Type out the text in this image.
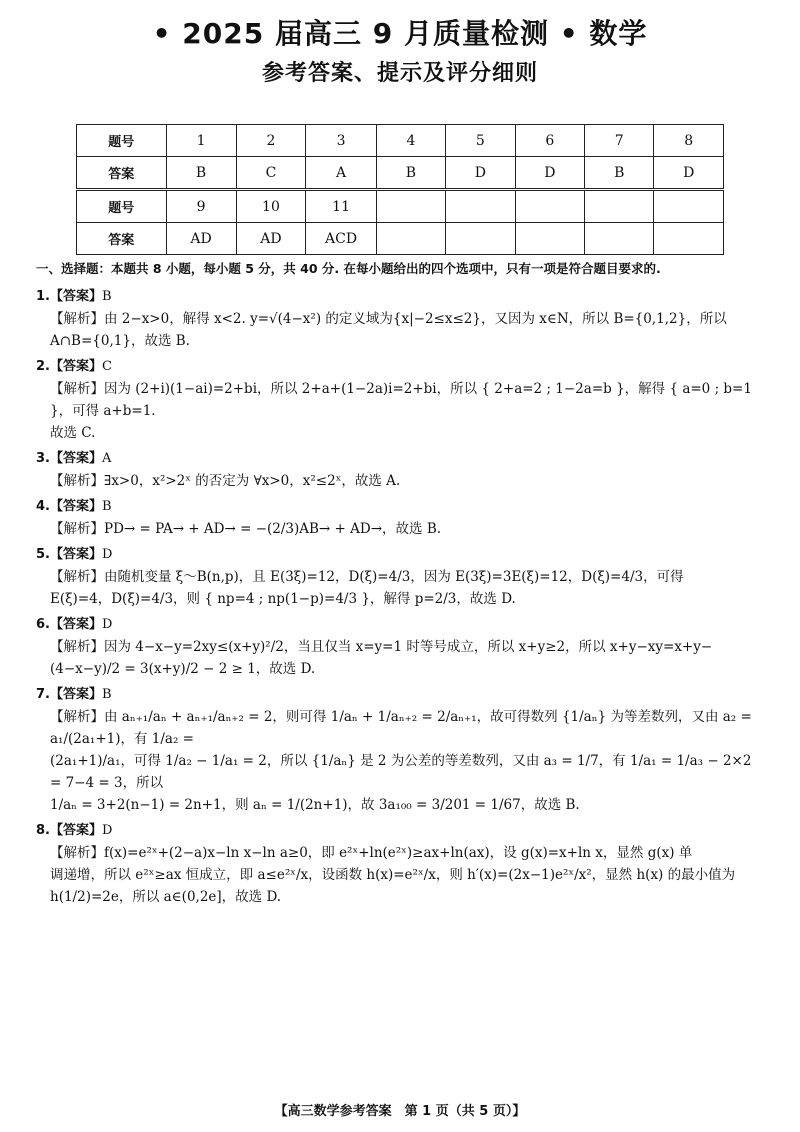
• 2025 届高三 9 月质量检测 • 数学
参考答案、提示及评分细则
题号	1	2	3	4	5	6	7	8
答案	B	C	A	B	D	D	B	D
题号	9	10	11					
答案	AD	AD	ACD					
一、选择题：本题共 8 小题，每小题 5 分，共 40 分. 在每小题给出的四个选项中，只有一项是符合题目要求的.
1.【答案】B
【解析】由 2−x>0，解得 x<2. y=√(4−x²) 的定义域为{x|−2≤x≤2}，又因为 x∈N，所以 B={0,1,2}，所以
A∩B={0,1}，故选 B.
2.【答案】C
【解析】因为 (2+i)(1−ai)=2+bi，所以 2+a+(1−2a)i=2+bi，所以 { 2+a=2 ; 1−2a=b }，解得 { a=0 ; b=1 }，可得 a+b=1.
故选 C.
3.【答案】A
【解析】∃x>0，x²>2ˣ 的否定为 ∀x>0，x²≤2ˣ，故选 A.
4.【答案】B
【解析】PD→ = PA→ + AD→ = −(2/3)AB→ + AD→，故选 B.
5.【答案】D
【解析】由随机变量 ξ～B(n,p)，且 E(3ξ)=12，D(ξ)=4/3，因为 E(3ξ)=3E(ξ)=12，D(ξ)=4/3，可得
E(ξ)=4，D(ξ)=4/3，则 { np=4 ; np(1−p)=4/3 }，解得 p=2/3，故选 D.
6.【答案】D
【解析】因为 4−x−y=2xy≤(x+y)²/2，当且仅当 x=y=1 时等号成立，所以 x+y≥2，所以 x+y−xy=x+y−
(4−x−y)/2 = 3(x+y)/2 − 2 ≥ 1，故选 D.
7.【答案】B
【解析】由 aₙ₊₁/aₙ + aₙ₊₁/aₙ₊₂ = 2，则可得 1/aₙ + 1/aₙ₊₂ = 2/aₙ₊₁，故可得数列 {1/aₙ} 为等差数列，又由 a₂ = a₁/(2a₁+1)，有 1/a₂ =
(2a₁+1)/a₁，可得 1/a₂ − 1/a₁ = 2，所以 {1/aₙ} 是 2 为公差的等差数列，又由 a₃ = 1/7，有 1/a₁ = 1/a₃ − 2×2 = 7−4 = 3，所以
1/aₙ = 3+2(n−1) = 2n+1，则 aₙ = 1/(2n+1)，故 3a₁₀₀ = 3/201 = 1/67，故选 B.
8.【答案】D
【解析】f(x)=e²ˣ+(2−a)x−ln x−ln a≥0，即 e²ˣ+ln(e²ˣ)≥ax+ln(ax)，设 g(x)=x+ln x，显然 g(x) 单
调递增，所以 e²ˣ≥ax 恒成立，即 a≤e²ˣ/x，设函数 h(x)=e²ˣ/x，则 h′(x)=(2x−1)e²ˣ/x²，显然 h(x) 的最小值为
h(1/2)=2e，所以 a∈(0,2e]，故选 D.
【高三数学参考答案　第 1 页（共 5 页）】
